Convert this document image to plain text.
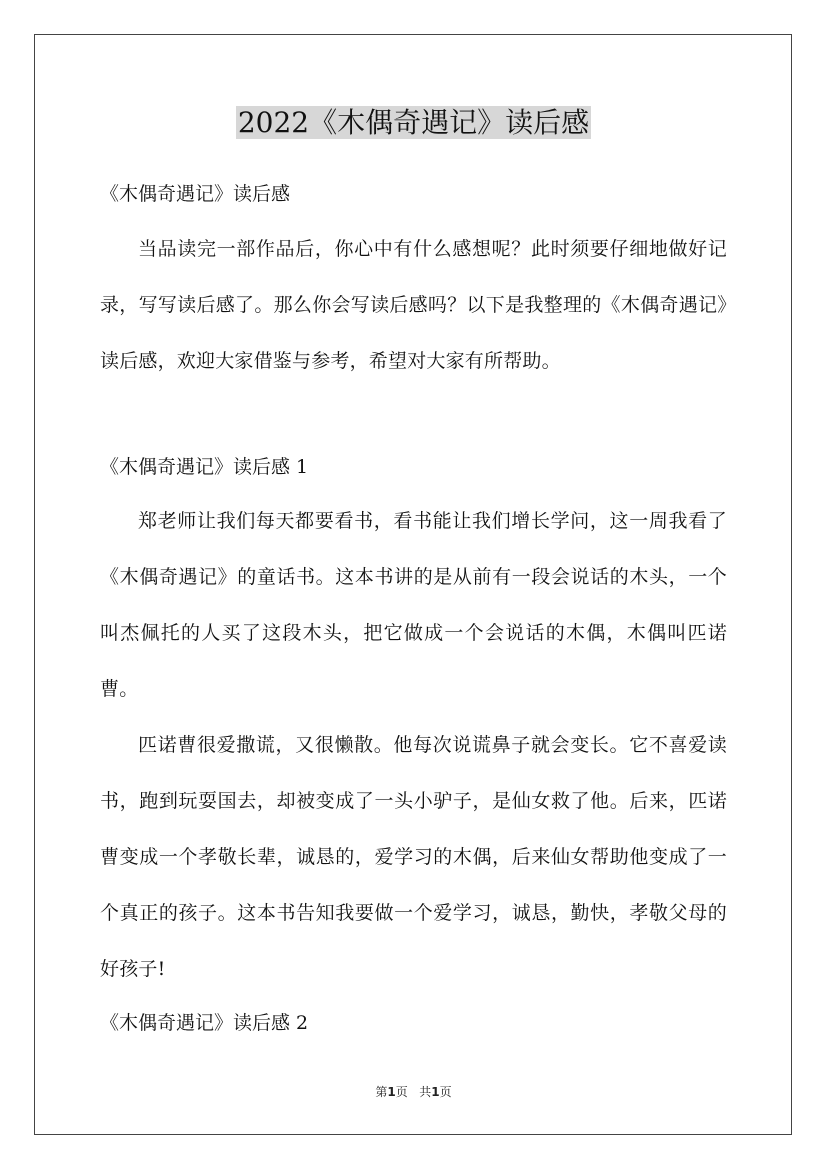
2022《木偶奇遇记》读后感

《木偶奇遇记》读后感

当品读完一部作品后，你心中有什么感想呢？此时须要仔细地做好记录，写写读后感了。那么你会写读后感吗？以下是我整理的《木偶奇遇记》读后感，欢迎大家借鉴与参考，希望对大家有所帮助。

《木偶奇遇记》读后感 1

郑老师让我们每天都要看书，看书能让我们增长学问，这一周我看了《木偶奇遇记》的童话书。这本书讲的是从前有一段会说话的木头，一个叫杰佩托的人买了这段木头，把它做成一个会说话的木偶，木偶叫匹诺曹。

匹诺曹很爱撒谎，又很懒散。他每次说谎鼻子就会变长。它不喜爱读书，跑到玩耍国去，却被变成了一头小驴子，是仙女救了他。后来，匹诺曹变成一个孝敬长辈，诚恳的，爱学习的木偶，后来仙女帮助他变成了一个真正的孩子。这本书告知我要做一个爱学习，诚恳，勤快，孝敬父母的好孩子!

《木偶奇遇记》读后感 2

第1页 共1页
